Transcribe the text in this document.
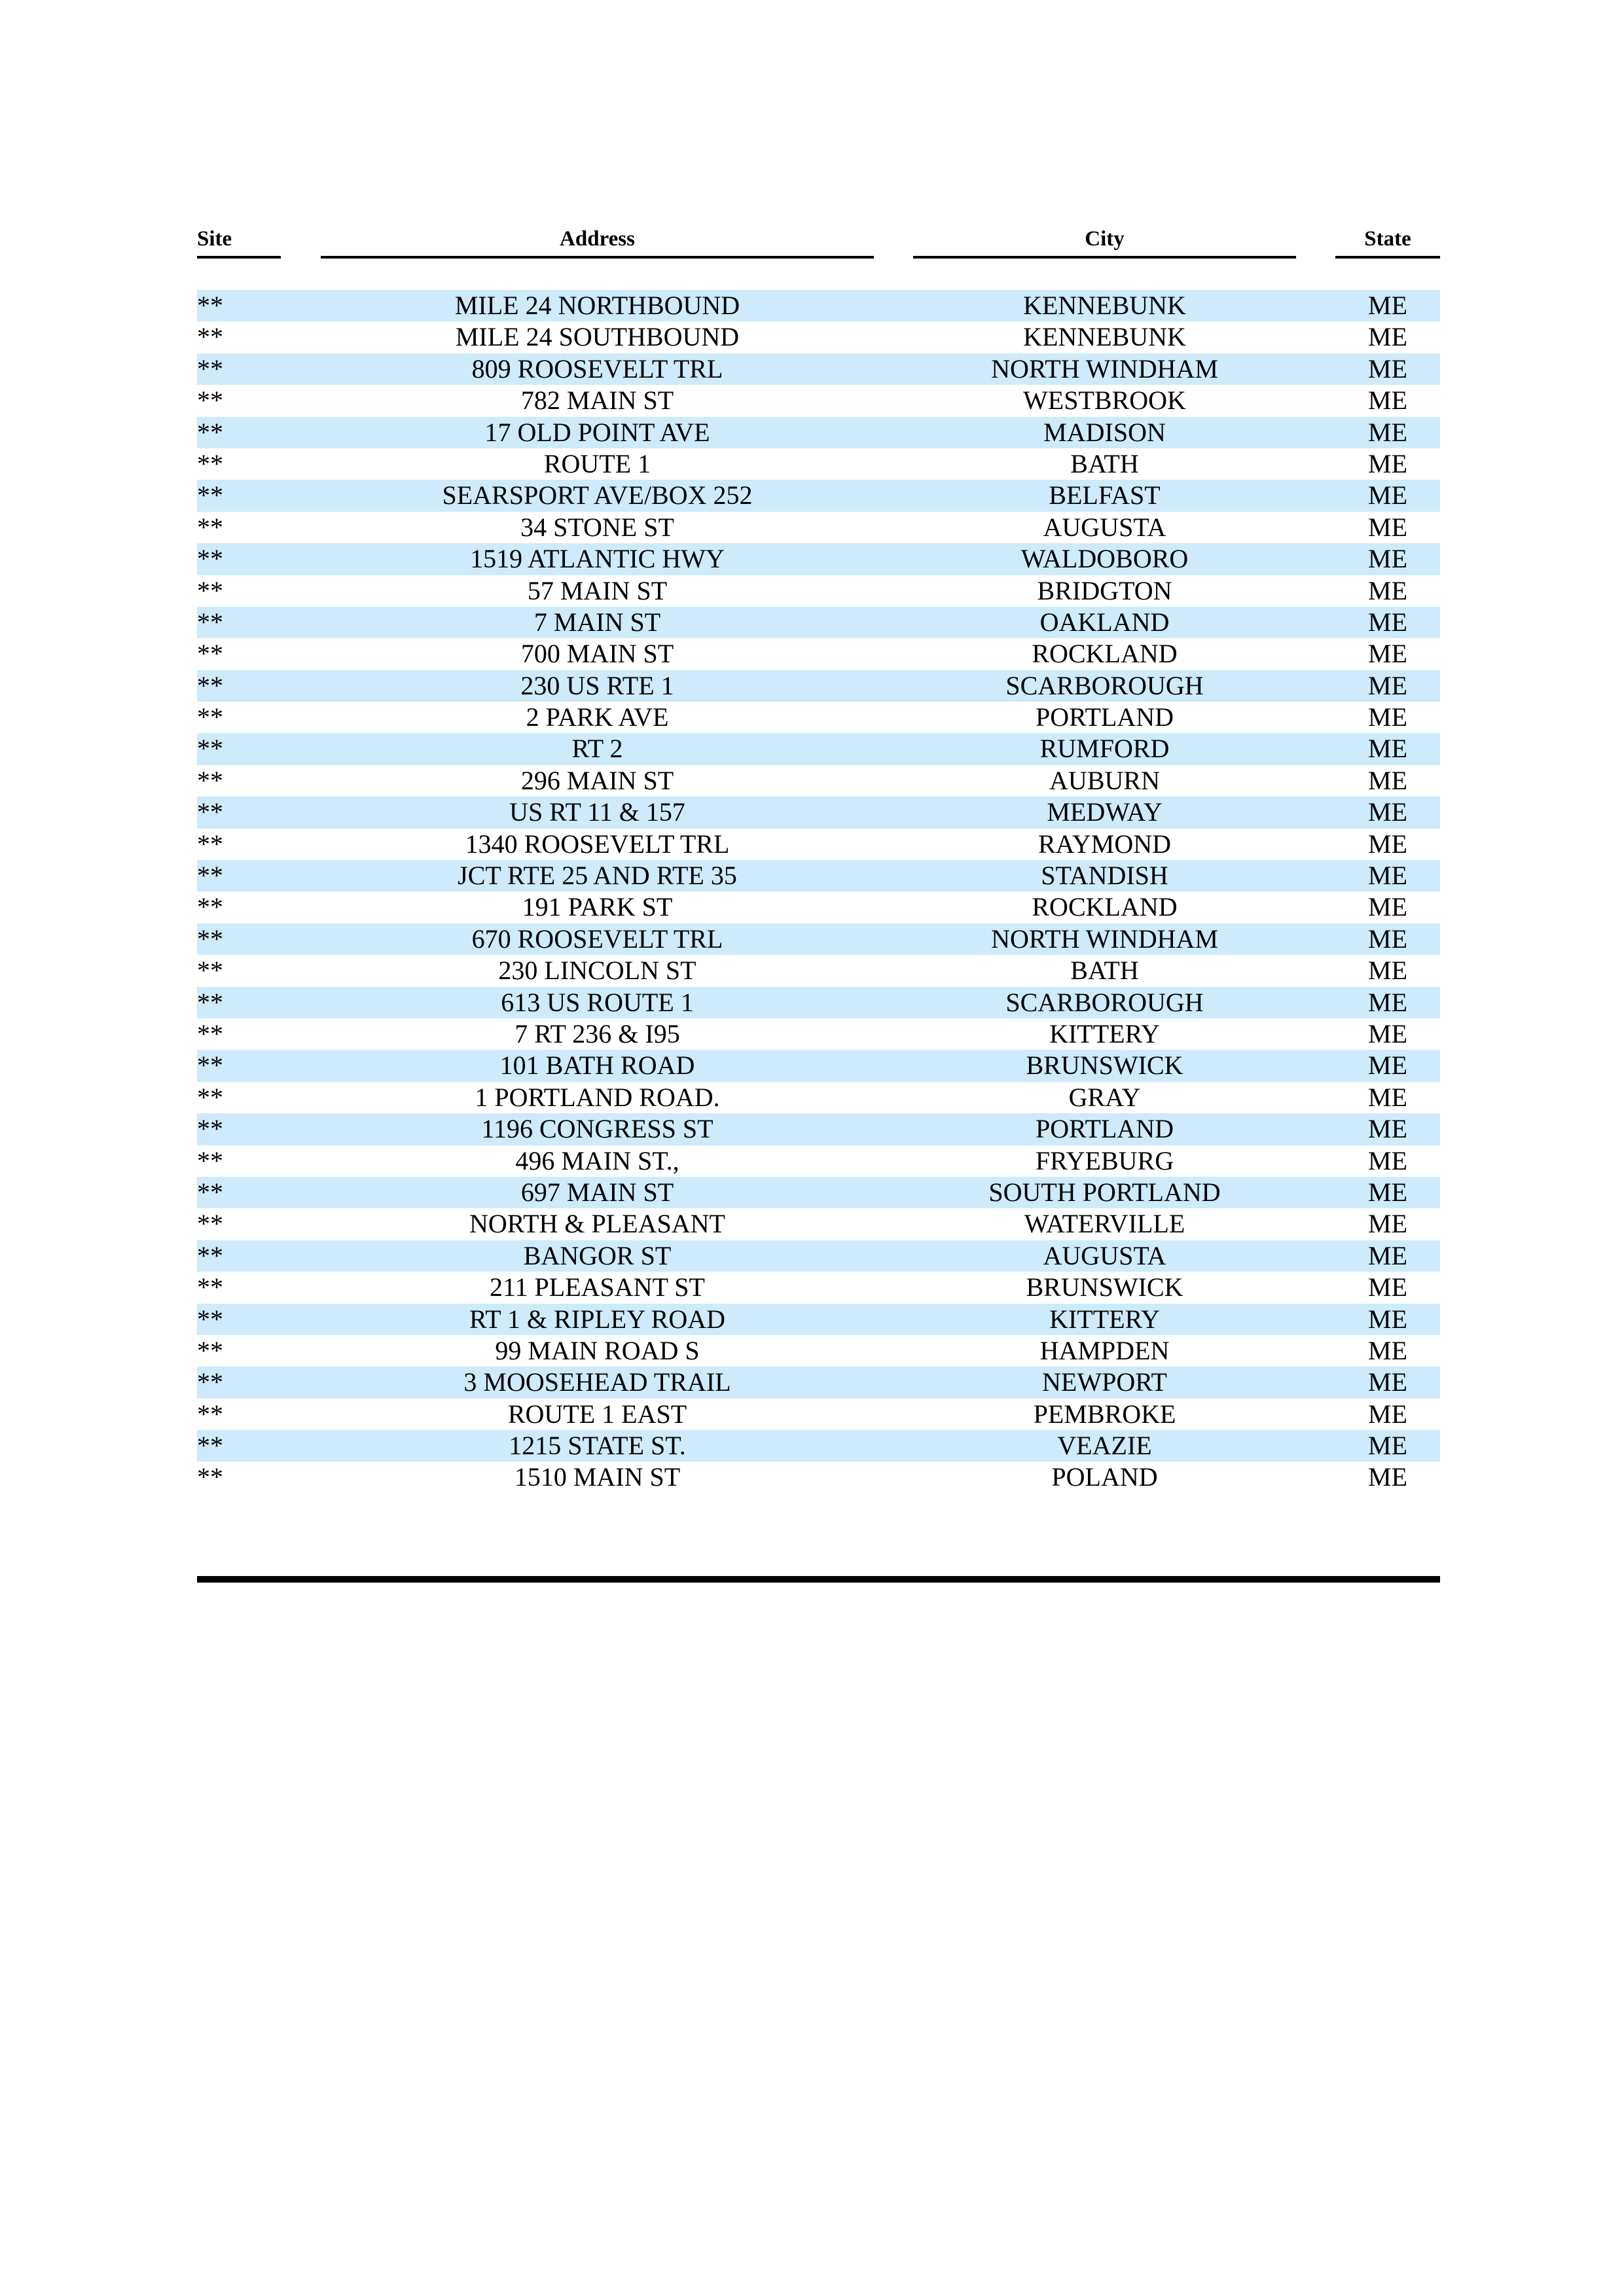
Site	Address	City	State
**	MILE 24 NORTHBOUND	KENNEBUNK	ME
**	MILE 24 SOUTHBOUND	KENNEBUNK	ME
**	809 ROOSEVELT TRL	NORTH WINDHAM	ME
**	782 MAIN ST	WESTBROOK	ME
**	17 OLD POINT AVE	MADISON	ME
**	ROUTE 1	BATH	ME
**	SEARSPORT AVE/BOX 252	BELFAST	ME
**	34 STONE ST	AUGUSTA	ME
**	1519 ATLANTIC HWY	WALDOBORO	ME
**	57 MAIN ST	BRIDGTON	ME
**	7 MAIN ST	OAKLAND	ME
**	700 MAIN ST	ROCKLAND	ME
**	230 US RTE 1	SCARBOROUGH	ME
**	2 PARK AVE	PORTLAND	ME
**	RT 2	RUMFORD	ME
**	296 MAIN ST	AUBURN	ME
**	US RT 11 & 157	MEDWAY	ME
**	1340 ROOSEVELT TRL	RAYMOND	ME
**	JCT RTE 25 AND RTE 35	STANDISH	ME
**	191 PARK ST	ROCKLAND	ME
**	670 ROOSEVELT TRL	NORTH WINDHAM	ME
**	230 LINCOLN ST	BATH	ME
**	613 US ROUTE 1	SCARBOROUGH	ME
**	7 RT 236 & I95	KITTERY	ME
**	101 BATH ROAD	BRUNSWICK	ME
**	1 PORTLAND ROAD.	GRAY	ME
**	1196 CONGRESS ST	PORTLAND	ME
**	496 MAIN ST.,	FRYEBURG	ME
**	697 MAIN ST	SOUTH PORTLAND	ME
**	NORTH & PLEASANT	WATERVILLE	ME
**	BANGOR ST	AUGUSTA	ME
**	211 PLEASANT ST	BRUNSWICK	ME
**	RT 1 & RIPLEY ROAD	KITTERY	ME
**	99 MAIN ROAD S	HAMPDEN	ME
**	3 MOOSEHEAD TRAIL	NEWPORT	ME
**	ROUTE 1 EAST	PEMBROKE	ME
**	1215 STATE ST.	VEAZIE	ME
**	1510 MAIN ST	POLAND	ME
